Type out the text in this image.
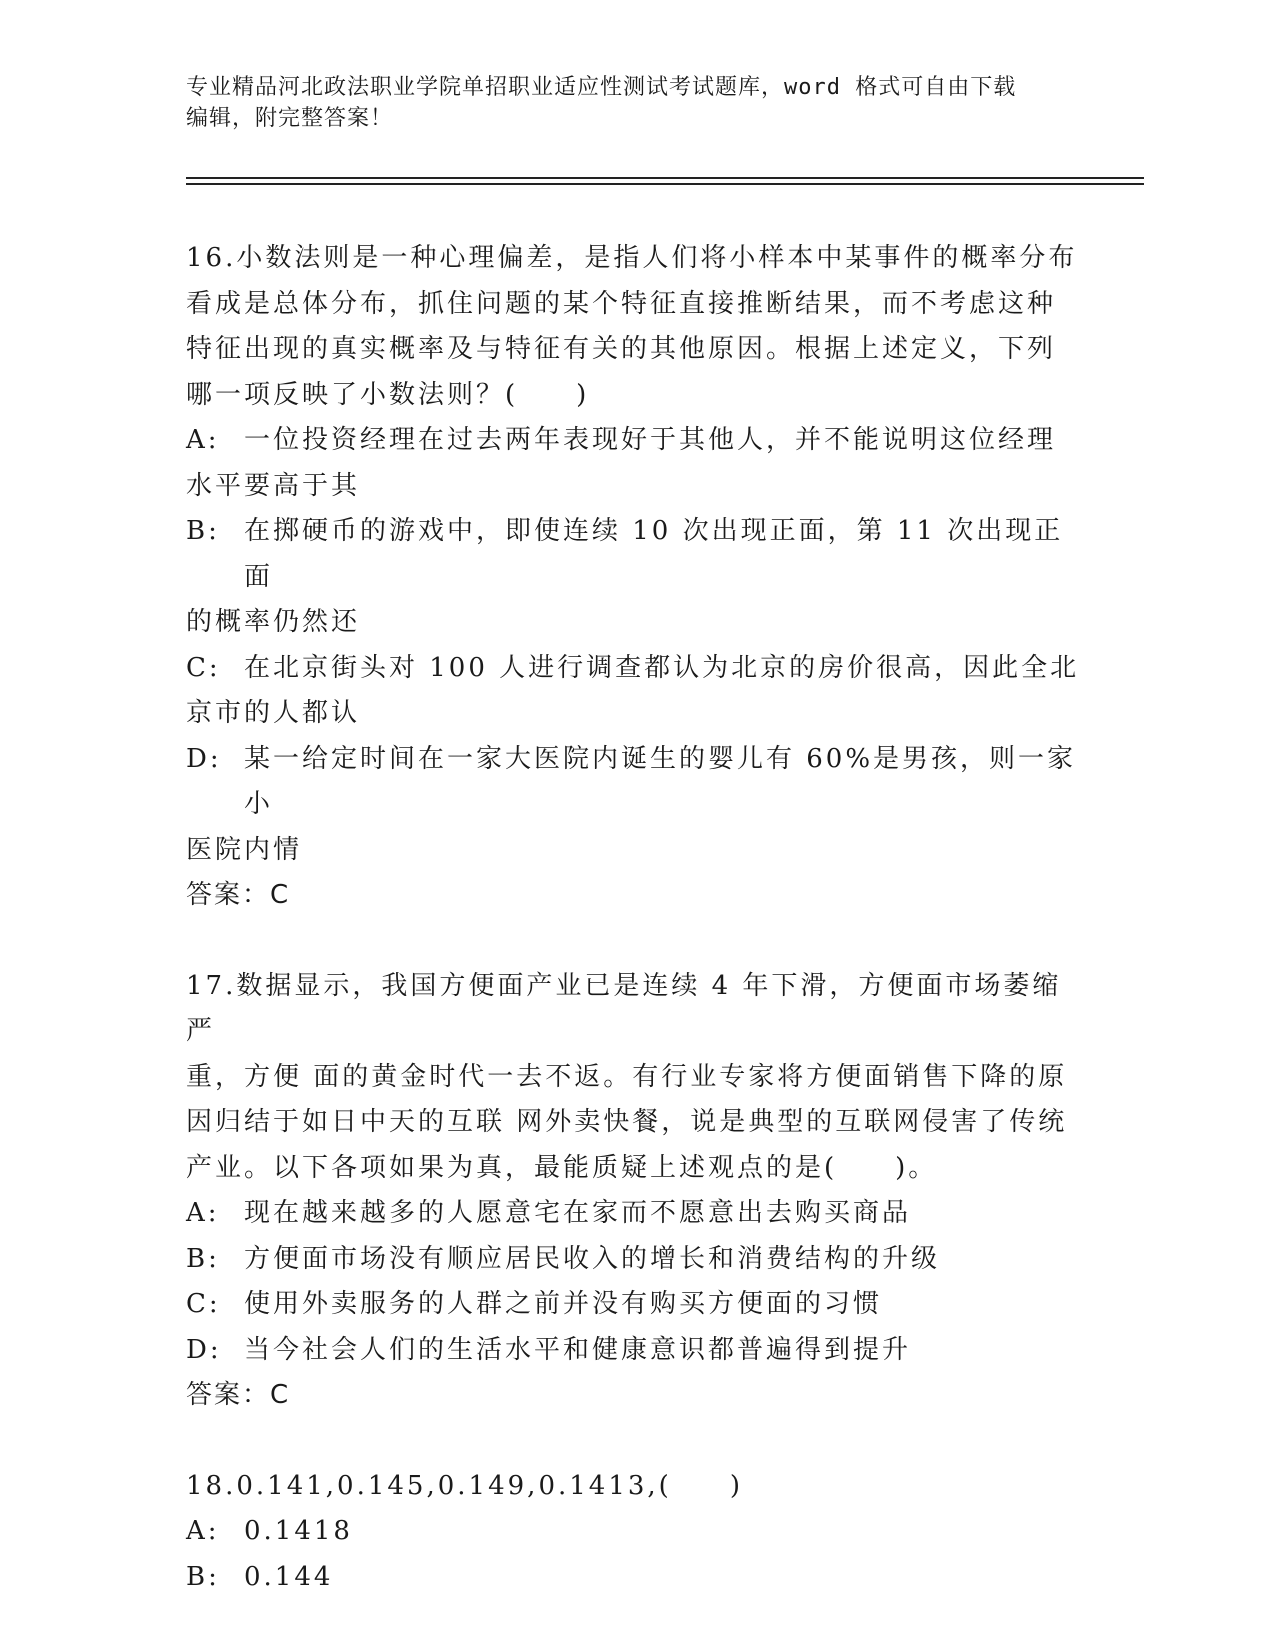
专业精品河北政法职业学院单招职业适应性测试考试题库，word 格式可自由下载
编辑，附完整答案！
16.小数法则是一种心理偏差，是指人们将小样本中某事件的概率分布
看成是总体分布，抓住问题的某个特征直接推断结果，而不考虑这种
特征出现的真实概率及与特征有关的其他原因。根据上述定义，下列
哪一项反映了小数法则？(　　)
A: 一位投资经理在过去两年表现好于其他人，并不能说明这位经理
水平要高于其
B: 在掷硬币的游戏中，即使连续 10 次出现正面，第 11 次出现正面
的概率仍然还
C: 在北京街头对 100 人进行调查都认为北京的房价很高，因此全北
京市的人都认
D: 某一给定时间在一家大医院内诞生的婴儿有 60%是男孩，则一家小
医院内情
答案：C
17.数据显示，我国方便面产业已是连续 4 年下滑，方便面市场萎缩严
重，方便 面的黄金时代一去不返。有行业专家将方便面销售下降的原
因归结于如日中天的互联 网外卖快餐，说是典型的互联网侵害了传统
产业。以下各项如果为真，最能质疑上述观点的是(　　)。
A: 现在越来越多的人愿意宅在家而不愿意出去购买商品
B: 方便面市场没有顺应居民收入的增长和消费结构的升级
C: 使用外卖服务的人群之前并没有购买方便面的习惯
D: 当今社会人们的生活水平和健康意识都普遍得到提升
答案：C
18.0.141,0.145,0.149,0.1413,(　　)
A: 0.1418
B: 0.144
